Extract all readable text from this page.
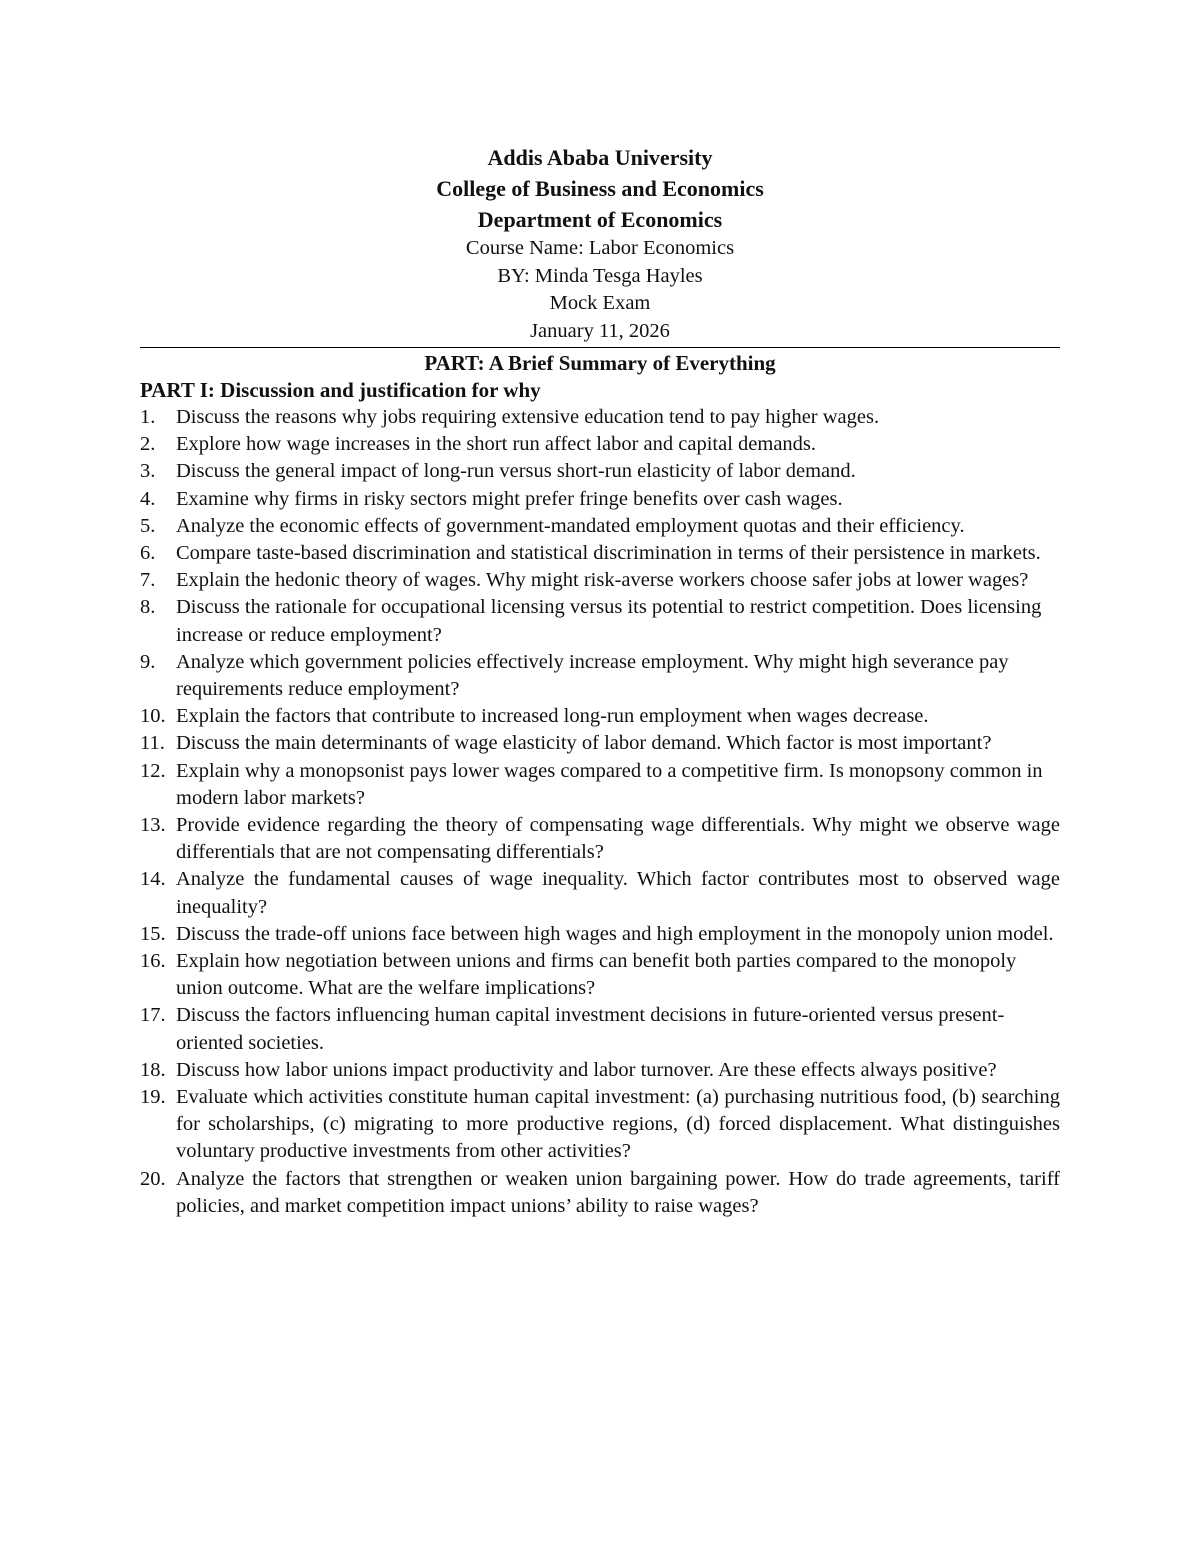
Addis Ababa University
College of Business and Economics
Department of Economics
Course Name: Labor Economics
BY: Minda Tesga Hayles
Mock Exam
January 11, 2026
PART: A Brief Summary of Everything
PART I: Discussion and justification for why
1.	Discuss the reasons why jobs requiring extensive education tend to pay higher wages.
2.	Explore how wage increases in the short run affect labor and capital demands.
3.	Discuss the general impact of long-run versus short-run elasticity of labor demand.
4.	Examine why firms in risky sectors might prefer fringe benefits over cash wages.
5.	Analyze the economic effects of government-mandated employment quotas and their efficiency.
6.	Compare taste-based discrimination and statistical discrimination in terms of their persistence in markets.
7.	Explain the hedonic theory of wages. Why might risk-averse workers choose safer jobs at lower wages?
8.	Discuss the rationale for occupational licensing versus its potential to restrict competition. Does licensing increase or reduce employment?
9.	Analyze which government policies effectively increase employment. Why might high severance pay requirements reduce employment?
10. Explain the factors that contribute to increased long-run employment when wages decrease.
11. Discuss the main determinants of wage elasticity of labor demand. Which factor is most important?
12. Explain why a monopsonist pays lower wages compared to a competitive firm. Is monopsony common in modern labor markets?
13. Provide evidence regarding the theory of compensating wage differentials. Why might we observe wage differentials that are not compensating differentials?
14. Analyze the fundamental causes of wage inequality. Which factor contributes most to observed wage inequality?
15. Discuss the trade-off unions face between high wages and high employment in the monopoly union model.
16. Explain how negotiation between unions and firms can benefit both parties compared to the monopoly union outcome. What are the welfare implications?
17. Discuss the factors influencing human capital investment decisions in future-oriented versus present-oriented societies.
18. Discuss how labor unions impact productivity and labor turnover. Are these effects always positive?
19. Evaluate which activities constitute human capital investment: (a) purchasing nutritious food, (b) searching for scholarships, (c) migrating to more productive regions, (d) forced displacement. What distinguishes voluntary productive investments from other activities?
20. Analyze the factors that strengthen or weaken union bargaining power. How do trade agreements, tariff policies, and market competition impact unions’ ability to raise wages?
